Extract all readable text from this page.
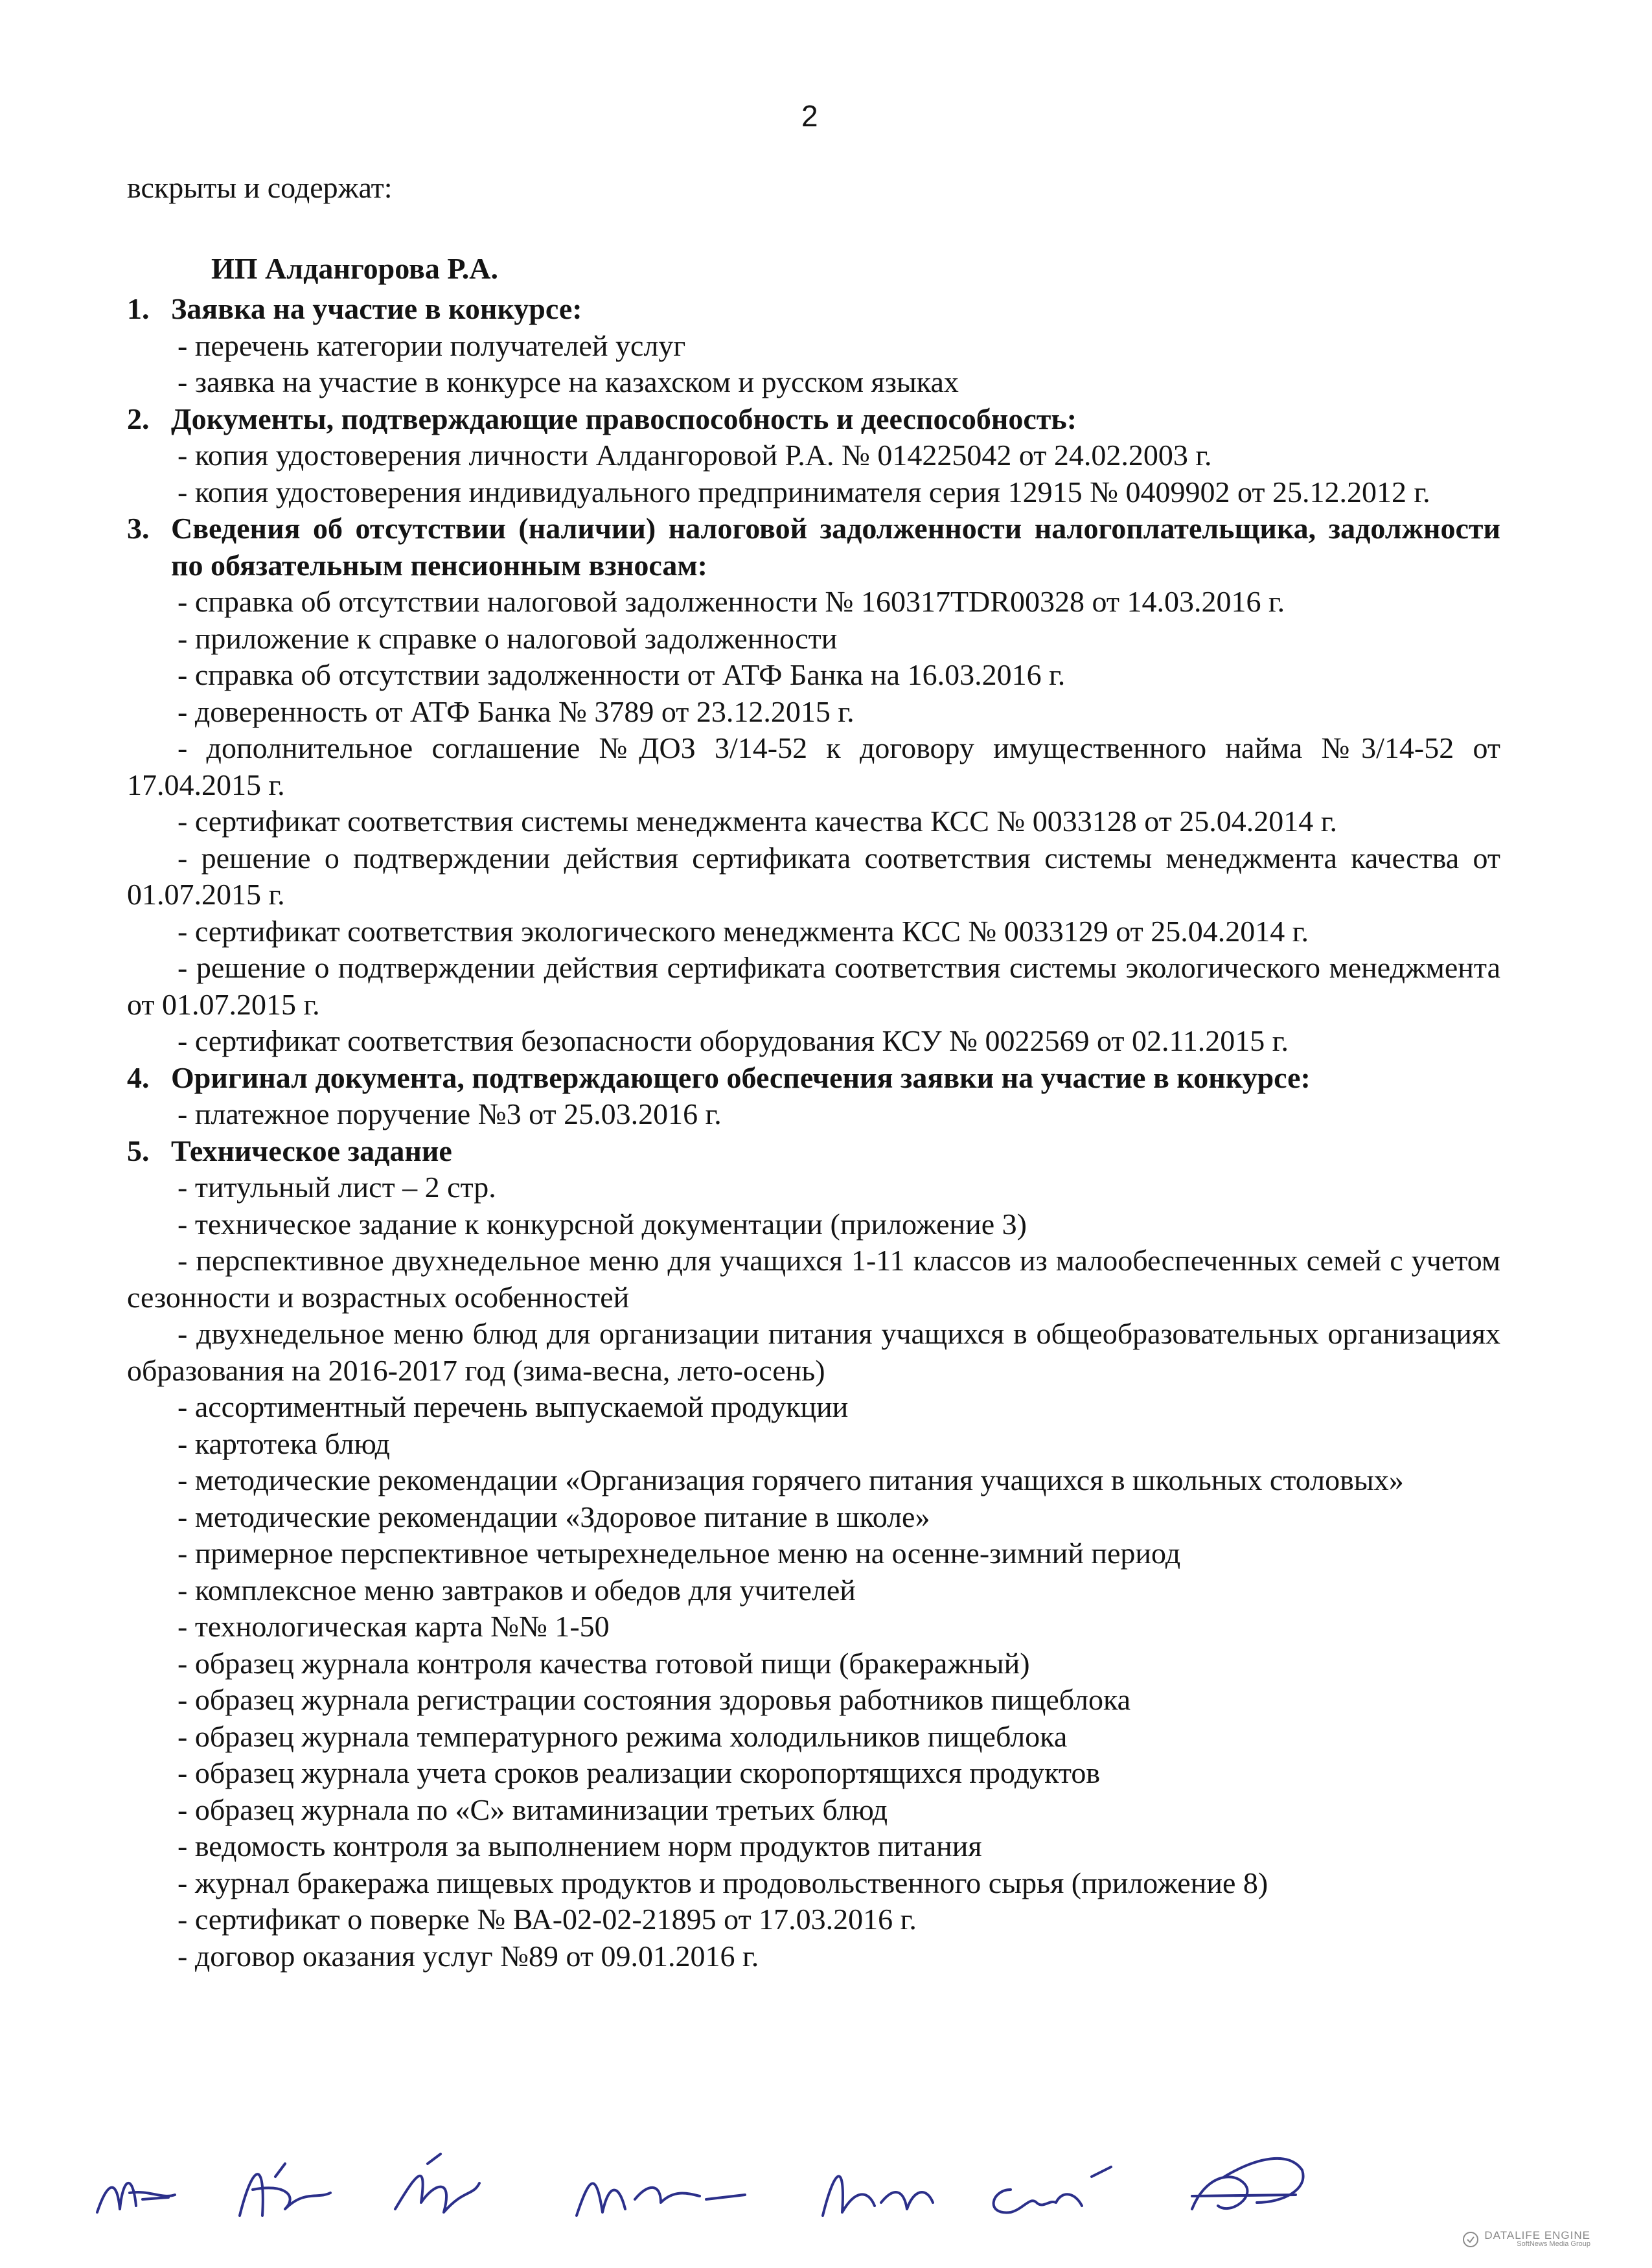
2

вскрыты и содержат:

ИП Алдангорова Р.А.

1. Заявка на участие в конкурсе:
- перечень категории получателей услуг
- заявка на участие в конкурсе на казахском и русском языках
2. Документы, подтверждающие правоспособность и дееспособность:
- копия удостоверения личности Алдангоровой Р.А. № 014225042 от 24.02.2003 г.
- копия удостоверения индивидуального предпринимателя серия 12915 № 0409902 от 25.12.2012 г.
3. Сведения об отсутствии (наличии) налоговой задолженности налогоплательщика, задолжности по обязательным пенсионным взносам:
- справка об отсутствии налоговой задолженности № 160317TDR00328 от 14.03.2016 г.
- приложение к справке о налоговой задолженности
- справка об отсутствии задолженности от АТФ Банка на 16.03.2016 г.
- доверенность от АТФ Банка № 3789 от 23.12.2015 г.
- дополнительное соглашение №ДОЗ 3/14-52 к договору имущественного найма №3/14-52 от 17.04.2015 г.
- сертификат соответствия системы менеджмента качества КСС № 0033128 от 25.04.2014 г.
- решение о подтверждении действия сертификата соответствия системы менеджмента качества от 01.07.2015 г.
- сертификат соответствия экологического менеджмента КСС № 0033129 от 25.04.2014 г.
- решение о подтверждении действия сертификата соответствия системы экологического менеджмента от 01.07.2015 г.
- сертификат соответствия безопасности оборудования КСУ № 0022569 от 02.11.2015 г.
4. Оригинал документа, подтверждающего обеспечения заявки на участие в конкурсе:
- платежное поручение №3 от 25.03.2016 г.
5. Техническое задание
- титульный лист – 2 стр.
- техническое задание к конкурсной документации (приложение 3)
- перспективное двухнедельное меню для учащихся 1-11 классов из малообеспеченных семей с учетом сезонности и возрастных особенностей
- двухнедельное меню блюд для организации питания учащихся в общеобразовательных организациях образования на 2016-2017 год (зима-весна, лето-осень)
- ассортиментный перечень выпускаемой продукции
- картотека блюд
- методические рекомендации «Организация горячего питания учащихся в школьных столовых»
- методические рекомендации «Здоровое питание в школе»
- примерное перспективное четырехнедельное меню на осенне-зимний период
- комплексное меню завтраков и обедов для учителей
- технологическая карта №№ 1-50
- образец журнала контроля качества готовой пищи (бракеражный)
- образец журнала регистрации состояния здоровья работников пищеблока
- образец журнала температурного режима холодильников пищеблока
- образец журнала учета сроков реализации скоропортящихся продуктов
- образец журнала по «С» витаминизации третьих блюд
- ведомость контроля за выполнением норм продуктов питания
- журнал бракеража пищевых продуктов и продовольственного сырья (приложение 8)
- сертификат о поверке № ВА-02-02-21895 от 17.03.2016 г.
- договор оказания услуг №89 от 09.01.2016 г.
DATALIFE ENGINE
SoftNews Media Group
